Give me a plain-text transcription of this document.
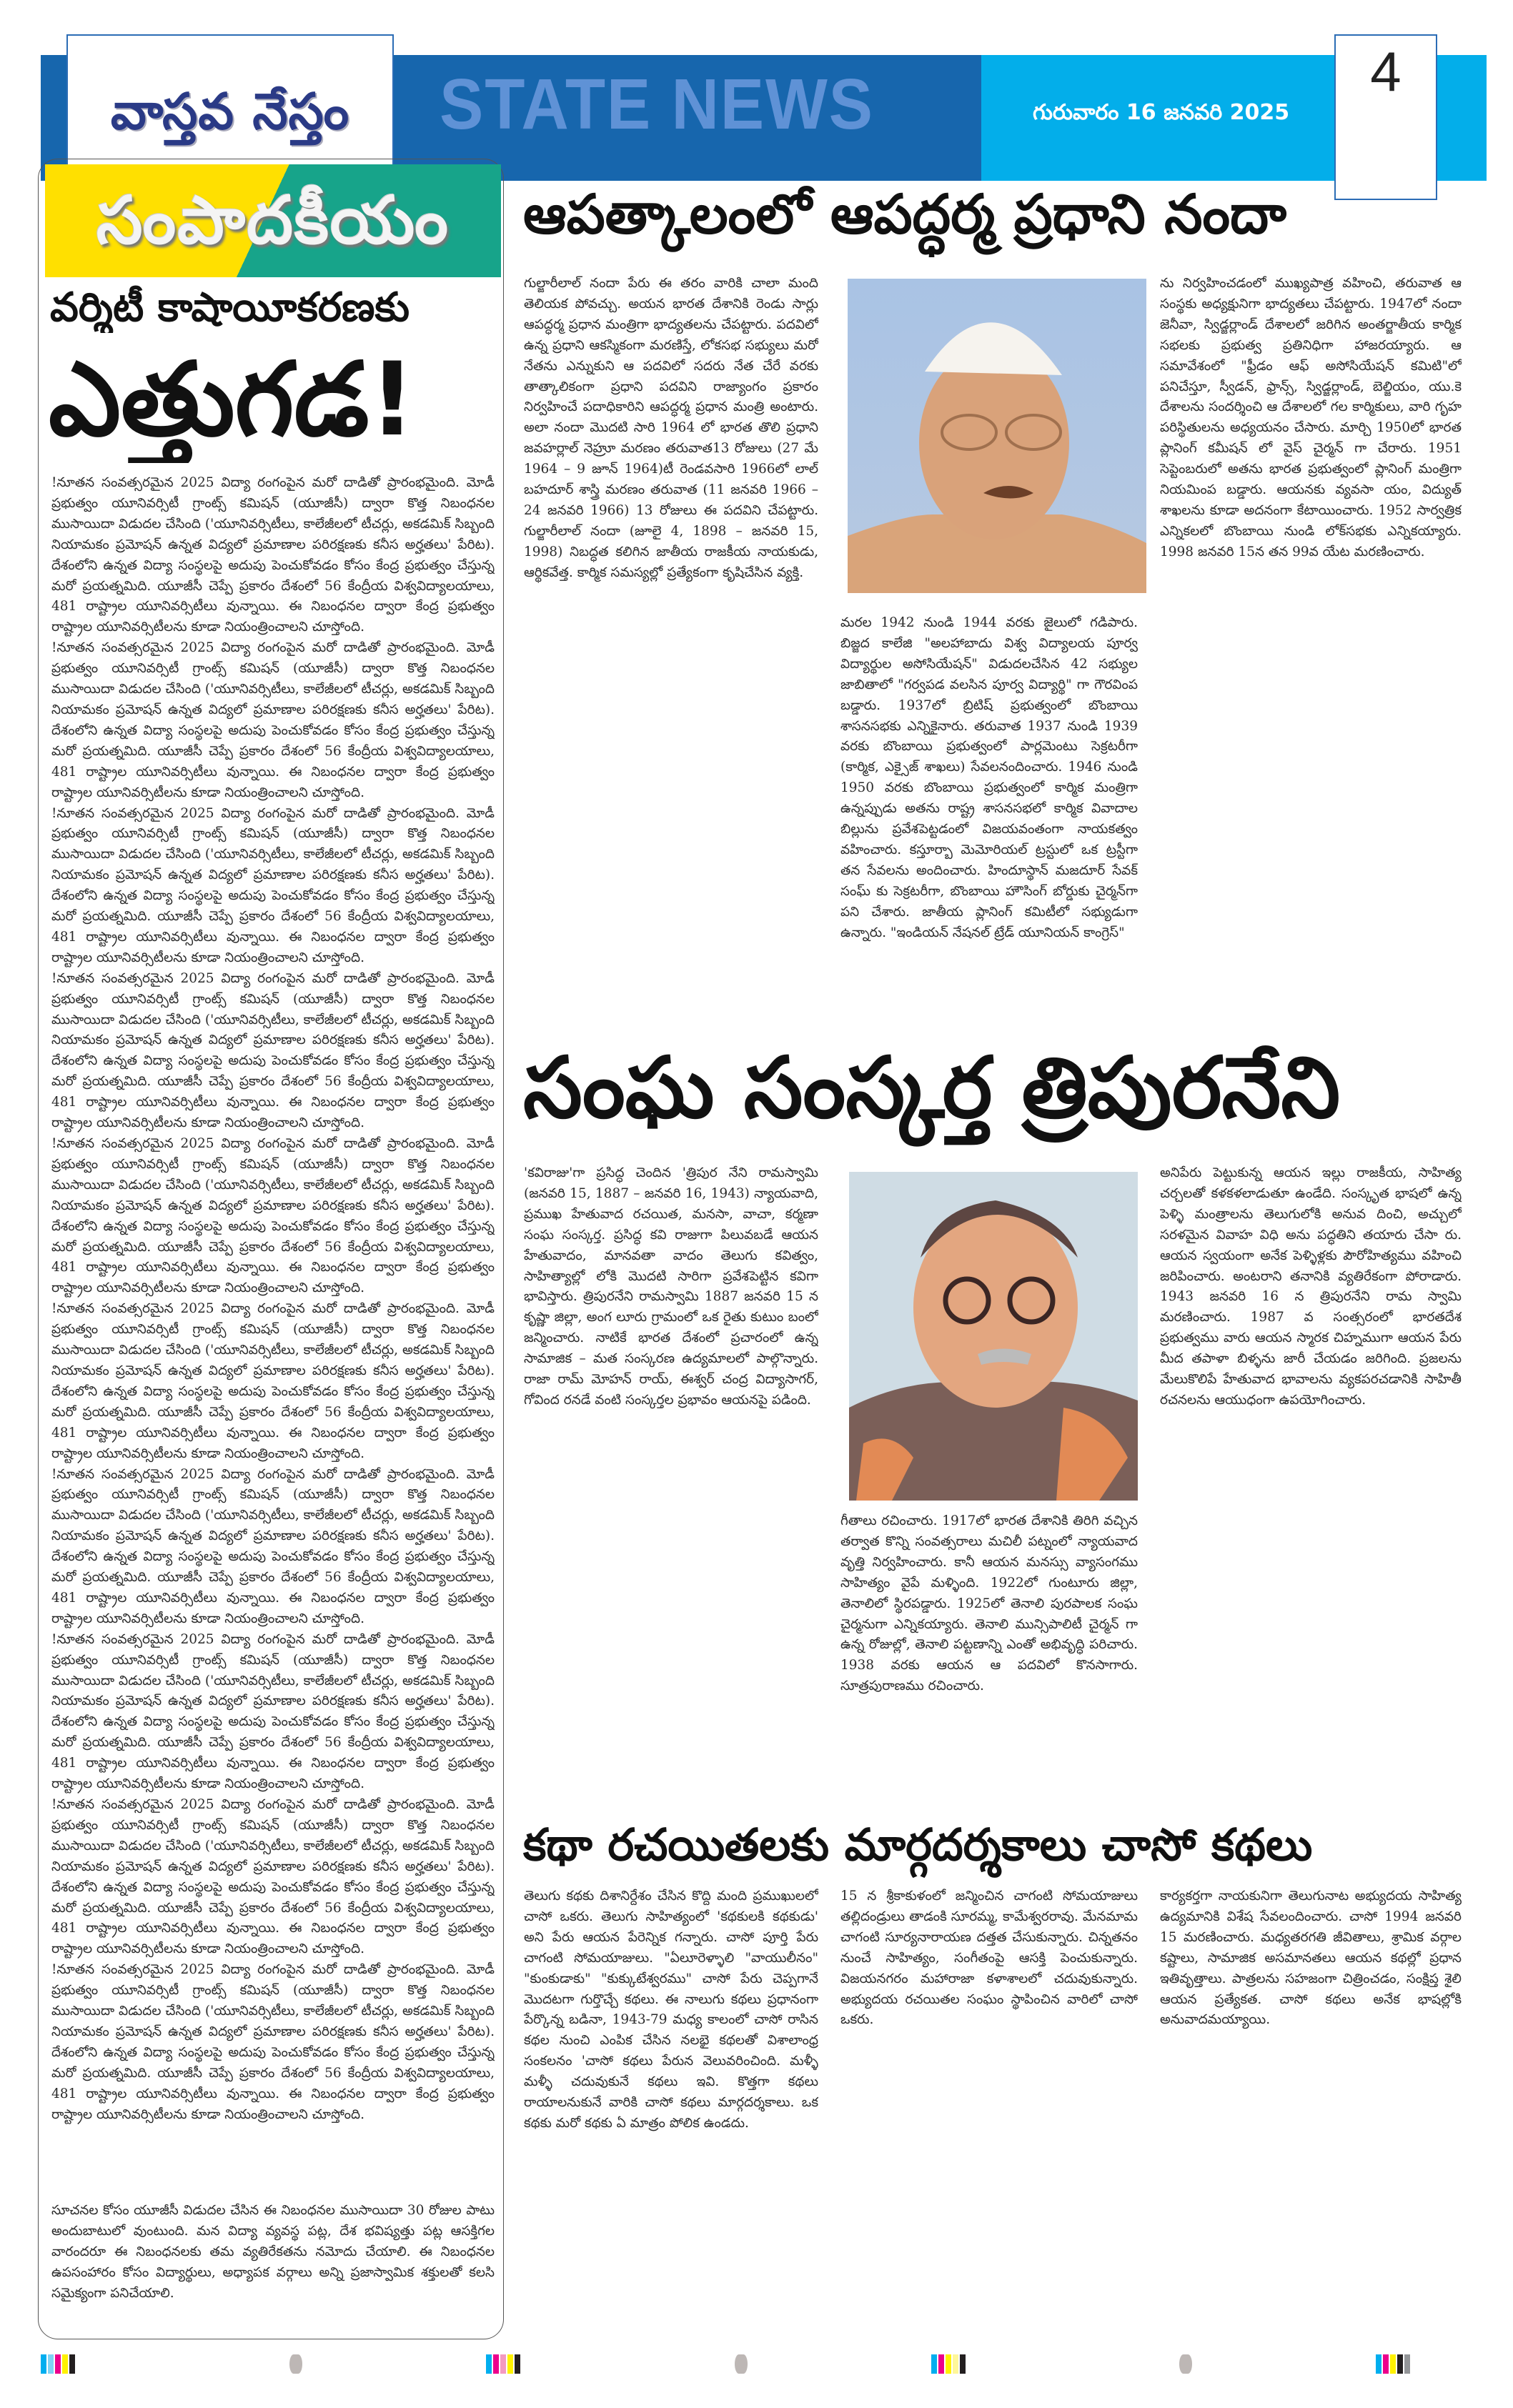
వాస్తవ నేస్తం STATE NEWS	గురువారం 16 జనవరి 2025
4
సంపాదకీయం
వర్శిటీ కాషాయీకరణకు
ఎత్తుగడ!

!నూతన సంవత్సరమైన 2025 విద్యా రంగంపైన మరో దాడితో ప్రారంభమైంది. మోడీ ప్రభుత్వం యూనివర్సిటీ గ్రాంట్స్ కమిషన్ (యూజీసీ) ద్వారా కొత్త నిబంధనల ముసాయిదా విడుదల చేసింది ('యూనివర్సిటీలు, కాలేజీలలో టీచర్లు, అకడమిక్ సిబ్బంది నియామకం ప్రమోషన్ ఉన్నత విద్యలో ప్రమాణాల పరిరక్షణకు కనీస అర్హతలు' పేరిట). దేశంలోని ఉన్నత విద్యా సంస్థలపై అదుపు పెంచుకోవడం కోసం కేంద్ర ప్రభుత్వం చేస్తున్న మరో ప్రయత్నమిది. యూజీసీ చెప్పే ప్రకారం దేశంలో 56 కేంద్రీయ విశ్వవిద్యాలయాలు, 481 రాష్ట్రాల యూనివర్సిటీలు వున్నాయి. ఈ నిబంధనల ద్వారా కేంద్ర ప్రభుత్వం రాష్ట్రాల యూనివర్సిటీలను కూడా నియంత్రించాలని చూస్తోంది.

!నూతన సంవత్సరమైన 2025 విద్యా రంగంపైన మరో దాడితో ప్రారంభమైంది. మోడీ ప్రభుత్వం యూనివర్సిటీ గ్రాంట్స్ కమిషన్ (యూజీసీ) ద్వారా కొత్త నిబంధనల ముసాయిదా విడుదల చేసింది ('యూనివర్సిటీలు, కాలేజీలలో టీచర్లు, అకడమిక్ సిబ్బంది నియామకం ప్రమోషన్ ఉన్నత విద్యలో ప్రమాణాల పరిరక్షణకు కనీస అర్హతలు' పేరిట). దేశంలోని ఉన్నత విద్యా సంస్థలపై అదుపు పెంచుకోవడం కోసం కేంద్ర ప్రభుత్వం చేస్తున్న మరో ప్రయత్నమిది. యూజీసీ చెప్పే ప్రకారం దేశంలో 56 కేంద్రీయ విశ్వవిద్యాలయాలు, 481 రాష్ట్రాల యూనివర్సిటీలు వున్నాయి. ఈ నిబంధనల ద్వారా కేంద్ర ప్రభుత్వం రాష్ట్రాల యూనివర్సిటీలను కూడా నియంత్రించాలని చూస్తోంది.

!నూతన సంవత్సరమైన 2025 విద్యా రంగంపైన మరో దాడితో ప్రారంభమైంది. మోడీ ప్రభుత్వం యూనివర్సిటీ గ్రాంట్స్ కమిషన్ (యూజీసీ) ద్వారా కొత్త నిబంధనల ముసాయిదా విడుదల చేసింది ('యూనివర్సిటీలు, కాలేజీలలో టీచర్లు, అకడమిక్ సిబ్బంది నియామకం ప్రమోషన్ ఉన్నత విద్యలో ప్రమాణాల పరిరక్షణకు కనీస అర్హతలు' పేరిట). దేశంలోని ఉన్నత విద్యా సంస్థలపై అదుపు పెంచుకోవడం కోసం కేంద్ర ప్రభుత్వం చేస్తున్న మరో ప్రయత్నమిది. యూజీసీ చెప్పే ప్రకారం దేశంలో 56 కేంద్రీయ విశ్వవిద్యాలయాలు, 481 రాష్ట్రాల యూనివర్సిటీలు వున్నాయి. ఈ నిబంధనల ద్వారా కేంద్ర ప్రభుత్వం రాష్ట్రాల యూనివర్సిటీలను కూడా నియంత్రించాలని చూస్తోంది.

!నూతన సంవత్సరమైన 2025 విద్యా రంగంపైన మరో దాడితో ప్రారంభమైంది. మోడీ ప్రభుత్వం యూనివర్సిటీ గ్రాంట్స్ కమిషన్ (యూజీసీ) ద్వారా కొత్త నిబంధనల ముసాయిదా విడుదల చేసింది ('యూనివర్సిటీలు, కాలేజీలలో టీచర్లు, అకడమిక్ సిబ్బంది నియామకం ప్రమోషన్ ఉన్నత విద్యలో ప్రమాణాల పరిరక్షణకు కనీస అర్హతలు' పేరిట). దేశంలోని ఉన్నత విద్యా సంస్థలపై అదుపు పెంచుకోవడం కోసం కేంద్ర ప్రభుత్వం చేస్తున్న మరో ప్రయత్నమిది. యూజీసీ చెప్పే ప్రకారం దేశంలో 56 కేంద్రీయ విశ్వవిద్యాలయాలు, 481 రాష్ట్రాల యూనివర్సిటీలు వున్నాయి. ఈ నిబంధనల ద్వారా కేంద్ర ప్రభుత్వం రాష్ట్రాల యూనివర్సిటీలను కూడా నియంత్రించాలని చూస్తోంది.

!నూతన సంవత్సరమైన 2025 విద్యా రంగంపైన మరో దాడితో ప్రారంభమైంది. మోడీ ప్రభుత్వం యూనివర్సిటీ గ్రాంట్స్ కమిషన్ (యూజీసీ) ద్వారా కొత్త నిబంధనల ముసాయిదా విడుదల చేసింది ('యూనివర్సిటీలు, కాలేజీలలో టీచర్లు, అకడమిక్ సిబ్బంది నియామకం ప్రమోషన్ ఉన్నత విద్యలో ప్రమాణాల పరిరక్షణకు కనీస అర్హతలు' పేరిట). దేశంలోని ఉన్నత విద్యా సంస్థలపై అదుపు పెంచుకోవడం కోసం కేంద్ర ప్రభుత్వం చేస్తున్న మరో ప్రయత్నమిది. యూజీసీ చెప్పే ప్రకారం దేశంలో 56 కేంద్రీయ విశ్వవిద్యాలయాలు, 481 రాష్ట్రాల యూనివర్సిటీలు వున్నాయి. ఈ నిబంధనల ద్వారా కేంద్ర ప్రభుత్వం రాష్ట్రాల యూనివర్సిటీలను కూడా నియంత్రించాలని చూస్తోంది.

!నూతన సంవత్సరమైన 2025 విద్యా రంగంపైన మరో దాడితో ప్రారంభమైంది. మోడీ ప్రభుత్వం యూనివర్సిటీ గ్రాంట్స్ కమిషన్ (యూజీసీ) ద్వారా కొత్త నిబంధనల ముసాయిదా విడుదల చేసింది ('యూనివర్సిటీలు, కాలేజీలలో టీచర్లు, అకడమిక్ సిబ్బంది నియామకం ప్రమోషన్ ఉన్నత విద్యలో ప్రమాణాల పరిరక్షణకు కనీస అర్హతలు' పేరిట). దేశంలోని ఉన్నత విద్యా సంస్థలపై అదుపు పెంచుకోవడం కోసం కేంద్ర ప్రభుత్వం చేస్తున్న మరో ప్రయత్నమిది. యూజీసీ చెప్పే ప్రకారం దేశంలో 56 కేంద్రీయ విశ్వవిద్యాలయాలు, 481 రాష్ట్రాల యూనివర్సిటీలు వున్నాయి. ఈ నిబంధనల ద్వారా కేంద్ర ప్రభుత్వం రాష్ట్రాల యూనివర్సిటీలను కూడా నియంత్రించాలని చూస్తోంది.

!నూతన సంవత్సరమైన 2025 విద్యా రంగంపైన మరో దాడితో ప్రారంభమైంది. మోడీ ప్రభుత్వం యూనివర్సిటీ గ్రాంట్స్ కమిషన్ (యూజీసీ) ద్వారా కొత్త నిబంధనల ముసాయిదా విడుదల చేసింది ('యూనివర్సిటీలు, కాలేజీలలో టీచర్లు, అకడమిక్ సిబ్బంది నియామకం ప్రమోషన్ ఉన్నత విద్యలో ప్రమాణాల పరిరక్షణకు కనీస అర్హతలు' పేరిట). దేశంలోని ఉన్నత విద్యా సంస్థలపై అదుపు పెంచుకోవడం కోసం కేంద్ర ప్రభుత్వం చేస్తున్న మరో ప్రయత్నమిది. యూజీసీ చెప్పే ప్రకారం దేశంలో 56 కేంద్రీయ విశ్వవిద్యాలయాలు, 481 రాష్ట్రాల యూనివర్సిటీలు వున్నాయి. ఈ నిబంధనల ద్వారా కేంద్ర ప్రభుత్వం రాష్ట్రాల యూనివర్సిటీలను కూడా నియంత్రించాలని చూస్తోంది.

!నూతన సంవత్సరమైన 2025 విద్యా రంగంపైన మరో దాడితో ప్రారంభమైంది. మోడీ ప్రభుత్వం యూనివర్సిటీ గ్రాంట్స్ కమిషన్ (యూజీసీ) ద్వారా కొత్త నిబంధనల ముసాయిదా విడుదల చేసింది ('యూనివర్సిటీలు, కాలేజీలలో టీచర్లు, అకడమిక్ సిబ్బంది నియామకం ప్రమోషన్ ఉన్నత విద్యలో ప్రమాణాల పరిరక్షణకు కనీస అర్హతలు' పేరిట). దేశంలోని ఉన్నత విద్యా సంస్థలపై అదుపు పెంచుకోవడం కోసం కేంద్ర ప్రభుత్వం చేస్తున్న మరో ప్రయత్నమిది. యూజీసీ చెప్పే ప్రకారం దేశంలో 56 కేంద్రీయ విశ్వవిద్యాలయాలు, 481 రాష్ట్రాల యూనివర్సిటీలు వున్నాయి. ఈ నిబంధనల ద్వారా కేంద్ర ప్రభుత్వం రాష్ట్రాల యూనివర్సిటీలను కూడా నియంత్రించాలని చూస్తోంది.

!నూతన సంవత్సరమైన 2025 విద్యా రంగంపైన మరో దాడితో ప్రారంభమైంది. మోడీ ప్రభుత్వం యూనివర్సిటీ గ్రాంట్స్ కమిషన్ (యూజీసీ) ద్వారా కొత్త నిబంధనల ముసాయిదా విడుదల చేసింది ('యూనివర్సిటీలు, కాలేజీలలో టీచర్లు, అకడమిక్ సిబ్బంది నియామకం ప్రమోషన్ ఉన్నత విద్యలో ప్రమాణాల పరిరక్షణకు కనీస అర్హతలు' పేరిట). దేశంలోని ఉన్నత విద్యా సంస్థలపై అదుపు పెంచుకోవడం కోసం కేంద్ర ప్రభుత్వం చేస్తున్న మరో ప్రయత్నమిది. యూజీసీ చెప్పే ప్రకారం దేశంలో 56 కేంద్రీయ విశ్వవిద్యాలయాలు, 481 రాష్ట్రాల యూనివర్సిటీలు వున్నాయి. ఈ నిబంధనల ద్వారా కేంద్ర ప్రభుత్వం రాష్ట్రాల యూనివర్సిటీలను కూడా నియంత్రించాలని చూస్తోంది.

!నూతన సంవత్సరమైన 2025 విద్యా రంగంపైన మరో దాడితో ప్రారంభమైంది. మోడీ ప్రభుత్వం యూనివర్సిటీ గ్రాంట్స్ కమిషన్ (యూజీసీ) ద్వారా కొత్త నిబంధనల ముసాయిదా విడుదల చేసింది ('యూనివర్సిటీలు, కాలేజీలలో టీచర్లు, అకడమిక్ సిబ్బంది నియామకం ప్రమోషన్ ఉన్నత విద్యలో ప్రమాణాల పరిరక్షణకు కనీస అర్హతలు' పేరిట). దేశంలోని ఉన్నత విద్యా సంస్థలపై అదుపు పెంచుకోవడం కోసం కేంద్ర ప్రభుత్వం చేస్తున్న మరో ప్రయత్నమిది. యూజీసీ చెప్పే ప్రకారం దేశంలో 56 కేంద్రీయ విశ్వవిద్యాలయాలు, 481 రాష్ట్రాల యూనివర్సిటీలు వున్నాయి. ఈ నిబంధనల ద్వారా కేంద్ర ప్రభుత్వం రాష్ట్రాల యూనివర్సిటీలను కూడా నియంత్రించాలని చూస్తోంది.

సూచనల కోసం యూజీసీ విడుదల చేసిన ఈ నిబంధనల ముసాయిదా 30 రోజుల పాటు అందుబాటులో వుంటుంది. మన విద్యా వ్యవస్థ పట్ల, దేశ భవిష్యత్తు పట్ల ఆసక్తిగల వారందరూ ఈ నిబంధనలకు తమ వ్యతిరేకతను నమోదు చేయాలి. ఈ నిబంధనల ఉపసంహారం కోసం విద్యార్థులు, అధ్యాపక వర్గాలు అన్ని ప్రజాస్వామిక శక్తులతో కలసి సమైక్యంగా పనిచేయాలి.
ఆపత్కాలంలో ఆపద్ధర్మ ప్రధాని నందా
గుల్జారీలాల్ నందా పేరు ఈ తరం వారికి చాలా మంది తెలియక పోవచ్చు. అయన భారత దేశానికి రెండు సార్లు ఆపద్ధర్మ ప్రధాన మంత్రిగా భాద్యతలను చేపట్టారు. పదవిలో ఉన్న ప్రధాని ఆకస్మికంగా మరణిస్తే, లోకసభ సభ్యులు మరో నేతను ఎన్నుకుని ఆ పదవిలో సదరు నేత చేరే వరకు తాత్కాలికంగా ప్రధాని పదవిని రాజ్యాంగం ప్రకారం నిర్వహించే పదాధికారిని ఆపద్ధర్మ ప్రధాన మంత్రి అంటారు. అలా నందా మొదటి సారి 1964 లో భారత తొలి ప్రధాని జవహర్లాల్ నెహ్రూ మరణం తరువాత13 రోజులు (27 మే 1964 – 9 జూన్ 1964)టీ రెండవసారి 1966లో లాల్ బహదూర్ శాస్త్రి మరణం తరువాత (11 జనవరి 1966 – 24 జనవరి 1966) 13 రోజులు ఈ పదవిని చేపట్టారు. గుల్జారీలాల్ నందా (జూలై 4, 1898 – జనవరి 15, 1998) నిబద్ధత కలిగిన జాతీయ రాజకీయ నాయకుడు, ఆర్థికవేత్త. కార్మిక సమస్యల్లో ప్రత్యేకంగా కృషిచేసిన వ్యక్తి.
మరల 1942 నుండి 1944 వరకు జైలులో గడిపారు. బిజ్జద కాలేజి "అలహాబాదు విశ్వ విద్యాలయ పూర్వ విద్యార్థుల అసోసియేషన్" విడుదలచేసిన 42 సభ్యుల జాబితాలో "గర్వపడ వలసిన పూర్వ విద్యార్థి" గా గౌరవింప బడ్డారు. 1937లో బ్రిటిష్ ప్రభుత్వంలో బొంబాయి శాసనసభకు ఎన్నికైనారు. తరువాత 1937 నుండి 1939 వరకు బొంబాయి ప్రభుత్వంలో పార్లమెంటు సెక్రటరీగా (కార్మిక, ఎక్సైజ్ శాఖలు) సేవలనందించారు. 1946 నుండి 1950 వరకు బొంబాయి ప్రభుత్వంలో కార్మిక మంత్రిగా ఉన్నప్పుడు అతను రాష్ట్ర శాసనసభలో కార్మిక వివాదాల బిల్లును ప్రవేశపెట్టడంలో విజయవంతంగా నాయకత్వం వహించారు. కస్తూర్బా మెమోరియల్ ట్రస్టులో ఒక ట్రస్టీగా తన సేవలను అందించారు. హిందూస్థాన్ మజదూర్ సేవక్ సంఘ్ కు సెక్రటరీగా, బొంబాయి హౌసింగ్ బోర్డుకు చైర్మన్‌గా పని చేశారు. జాతీయ ప్లానింగ్ కమిటీలో సభ్యుడుగా ఉన్నారు. "ఇండియన్ నేషనల్ ట్రేడ్ యూనియన్ కాంగ్రెస్"
ను నిర్వహించడంలో ముఖ్యపాత్ర వహించి, తరువాత ఆ సంస్థకు అధ్యక్షునిగా భాద్యతలు చేపట్టారు. 1947లో నందా జెనీవా, స్విడ్జర్లాండ్ దేశాలలో జరిగిన అంతర్జాతీయ కార్మిక సభలకు ప్రభుత్వ ప్రతినిధిగా హాజరయ్యారు. ఆ సమావేశంలో "ఫ్రీడం ఆఫ్ అసోసియేషన్ కమిటి"లో పనిచేస్తూ, స్వీడన్, ఫ్రాన్స్, స్విడ్జర్లాండ్, బెల్జియం, యు.కె దేశాలను సందర్శించి ఆ దేశాలలో గల కార్మికులు, వారి గృహ పరిస్థితులను అధ్యయనం చేసారు. మార్చి 1950లో భారత ప్లానింగ్ కమీషన్ లో వైస్ చైర్మన్ గా చేరారు. 1951 సెప్టెంబరులో అతను భారత ప్రభుత్వంలో ప్లానింగ్ మంత్రిగా నియమింప బడ్డారు. ఆయనకు వ్యవసా యం, విద్యుత్ శాఖలను కూడా అదనంగా కేటాయించారు. 1952 సార్వత్రిక ఎన్నికలలో బొంబాయి నుండి లోక్‌సభకు ఎన్నికయ్యారు. 1998 జనవరి 15న తన 99వ యేట మరణించారు.
సంఘ సంస్కర్త త్రిపురనేని
'కవిరాజు'గా ప్రసిద్ధ చెందిన 'త్రిపుర నేని రామస్వామి (జనవరి 15, 1887 – జనవరి 16, 1943) న్యాయవాది, ప్రముఖ హేతువాద రచయిత, మనసా, వాచా, కర్మణా సంఘ సంస్కర్త. ప్రసిద్ధ కవి రాజుగా పిలువబడే ఆయన హేతువాదం, మానవతా వాదం తెలుగు కవిత్వం, సాహిత్యాల్లో లోకి మొదటి సారిగా ప్రవేశపెట్టిన కవిగా భావిస్తారు. త్రిపురనేని రామస్వామి 1887 జనవరి 15 న కృష్ణా జిల్లా, అంగ లూరు గ్రామంలో ఒక రైతు కుటుం బంలో జన్మించారు. నాటికే భారత దేశంలో ప్రచారంలో ఉన్న సామాజిక – మత సంస్కరణ ఉద్యమాలలో పాల్గొన్నారు. రాజా రామ్ మోహన్ రాయ్, ఈశ్వర్ చంద్ర విద్యాసాగర్, గోవింద రనడే వంటి సంస్కర్తల ప్రభావం ఆయనపై పడింది.
గీతాలు రచించారు. 1917లో భారత దేశానికి తిరిగి వచ్చిన తర్వాత కొన్ని సంవత్సరాలు మచిలీ పట్నంలో న్యాయవాద వృత్తి నిర్వహించారు. కానీ ఆయన మనస్సు వ్యాసంగము సాహిత్యం వైపే మళ్ళింది. 1922లో గుంటూరు జిల్లా, తెనాలిలో స్థిరపడ్డారు. 1925లో తెనాలి పురపాలక సంఘ చైర్మనుగా ఎన్నికయ్యారు. తెనాలి మున్సిపాలిటీ చైర్మన్ గా ఉన్న రోజుల్లో, తెనాలి పట్టణాన్ని ఎంతో అభివృద్ధి పరిచారు. 1938 వరకు ఆయన ఆ పదవిలో కొనసాగారు. సూత్రపురాణము రచించారు.
అనిపేరు పెట్టుకున్న ఆయన ఇల్లు రాజకీయ, సాహిత్య చర్చలతో కళకళలాడుతూ ఉండేది. సంస్కృత భాషలో ఉన్న పెళ్ళి మంత్రాలను తెలుగులోకి అనువ దించి, అచ్చులో సరళమైన వివాహ విధి అను పద్ధతిని తయారు చేసా రు. ఆయన స్వయంగా అనేక పెళ్ళిళ్లకు పౌరోహిత్యము వహించి జరిపించారు. అంటరాని తనానికి వ్యతిరేకంగా పోరాడారు. 1943 జనవరి 16 న త్రిపురనేని రామ స్వామి మరణించారు. 1987 వ సంత్సరంలో భారతదేశ ప్రభుత్వము వారు ఆయన స్మారక చిహ్నముగా ఆయన పేరు మీద తపాళా బిళ్ళను జారీ చేయడం జరిగింది. ప్రజలను మేలుకొలిపే హేతువాద భావాలను వ్యకపరచడానికి సాహితీ రచనలను ఆయుధంగా ఉపయోగించారు.
కథా రచయితలకు మార్గదర్శకాలు చాసో కథలు
తెలుగు కథకు దిశానిర్దేశం చేసిన కొద్ది మంది ప్రముఖులలో చాసో ఒకరు. తెలుగు సాహిత్యంలో 'కథకులకి కథకుడు' అని పేరు ఆయన పేరెన్నిక గన్నారు. చాసో పూర్తి పేరు చాగంటి సోమయాజులు. "ఏలూరెళ్ళాలి "వాయులీనం" "కుంకుడాకు" "కుక్కుటేశ్వరము" చాసో పేరు చెప్పగానే మొదటగా గుర్తొచ్చే కథలు. ఈ నాలుగు కథలు ప్రధానంగా పేర్కొన్న బడినా, 1943-79 మధ్య కాలంలో చాసో రాసిన కథల నుంచి ఎంపిక చేసిన నలభై కథలతో విశాలాంధ్ర సంకలనం 'చాసో కథలు పేరున వెలువరించింది. మళ్ళీ మళ్ళీ చదువుకునే కథలు ఇవి. కొత్తగా కథలు రాయాలనుకునే వారికి చాసో కథలు మార్గదర్శకాలు. ఒక కథకు మరో కథకు ఏ మాత్రం పోలిక ఉండదు.
15 న శ్రీకాకుళంలో జన్మించిన చాగంటి సోమయాజులు తల్లిదండ్రులు తాడంకి సూరమ్మ, కామేశ్వరరావు. మేనమామ చాగంటి సూర్యనారాయణ దత్తత చేసుకున్నారు. చిన్నతనం నుంచే సాహిత్యం, సంగీతంపై ఆసక్తి పెంచుకున్నారు. విజయనగరం మహారాజా కళాశాలలో చదువుకున్నారు. అభ్యుదయ రచయితల సంఘం స్థాపించిన వారిలో చాసో ఒకరు.
కార్యకర్తగా నాయకునిగా తెలుగునాట అభ్యుదయ సాహిత్య ఉద్యమానికి విశేష సేవలందించారు. చాసో 1994 జనవరి 15 మరణించారు. మధ్యతరగతి జీవితాలు, శ్రామిక వర్గాల కష్టాలు, సామాజిక అసమానతలు ఆయన కథల్లో ప్రధాన ఇతివృత్తాలు. పాత్రలను సహజంగా చిత్రించడం, సంక్షిప్త శైలి ఆయన ప్రత్యేకత. చాసో కథలు అనేక భాషల్లోకి అనువాదమయ్యాయి.
